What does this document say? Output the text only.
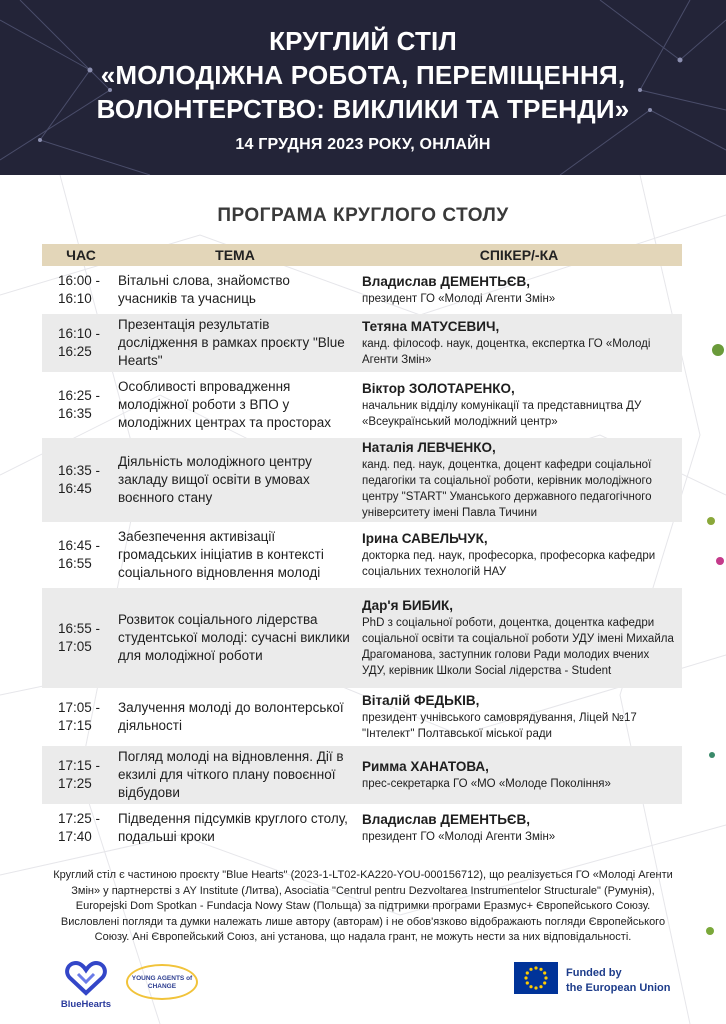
КРУГЛИЙ СТІЛ
«МОЛОДІЖНА РОБОТА, ПЕРЕМІЩЕННЯ,
ВОЛОНТЕРСТВО: ВИКЛИКИ ТА ТРЕНДИ»
14 ГРУДНЯ 2023 РОКУ, ОНЛАЙН
ПРОГРАМА КРУГЛОГО СТОЛУ
ЧАС	ТЕМА	СПІКЕР/-КА
16:00 -
16:10	Вітальні слова, знайомство учасників та учасниць	Владислав ДЕМЕНТЬЄВ,
президент ГО «Молоді Агенти Змін»

16:10 -
16:25	Презентація результатів дослідження в рамках проєкту "Blue Hearts"	Тетяна МАТУСЕВИЧ,
канд. філософ. наук, доцентка, експертка ГО «Молоді Агенти Змін»

16:25 -
16:35	Особливості впровадження молодіжної роботи з ВПО у молодіжних центрах та просторах	Віктор ЗОЛОТАРЕНКО,
начальник відділу комунікації та представництва ДУ «Всеукраїнський молодіжний центр»

16:35 -
16:45	Діяльність молодіжного центру закладу вищої освіти в умовах воєнного стану	Наталія ЛЕВЧЕНКО,
канд. пед. наук, доцентка, доцент кафедри соціальної педагогіки та соціальної роботи, керівник молодіжного центру "START" Уманського державного педагогічного університету імені Павла Тичини

16:45 -
16:55	Забезпечення активізації громадських ініціатив в контексті соціального відновлення молоді	Ірина САВЕЛЬЧУК,
докторка пед. наук, професорка, професорка кафедри соціальних технологій НАУ

16:55 -
17:05	Розвиток соціального лідерства студентської молоді: сучасні виклики для молодіжної роботи	Дар'я БИБИК,
PhD з соціальної роботи, доцентка, доцентка кафедри соціальної освіти та соціальної роботи УДУ імені Михайла Драгоманова, заступник голови Ради молодих вчених УДУ, керівник Школи Social лідерства - Student

17:05 -
17:15	Залучення молоді до волонтерської діяльності	Віталій ФЕДЬКІВ,
президент учнівського самоврядування, Ліцей №17 "Інтелект" Полтавської міської ради

17:15 -
17:25	Погляд молоді на відновлення. Дії в екзилі для чіткого плану повоєнної відбудови	Римма ХАНАТОВА,
прес-секретарка ГО «МО «Молоде Покоління»

17:25 -
17:40	Підведення підсумків круглого столу, подальші кроки	Владислав ДЕМЕНТЬЄВ,
президент ГО «Молоді Агенти Змін»
Круглий стіл є частиною проєкту "Blue Hearts" (2023-1-LT02-KA220-YOU-000156712), що реалізується ГО «Молоді Агенти Змін» у партнерстві з AY Institute (Литва), Asociatia "Centrul pentru Dezvoltarea Instrumentelor Structurale" (Румунія), Europejski Dom Spotkan - Fundacja Nowy Staw (Польща) за підтримки програми Еразмус+ Європейського Союзу. Висловлені погляди та думки належать лише автору (авторам) і не обов'язково відображають погляди Європейського Союзу. Ані Європейський Союз, ані установа, що надала грант, не можуть нести за них відповідальності.
BlueHearts
YOUNG AGENTS of CHANGE
Funded by
the European Union
